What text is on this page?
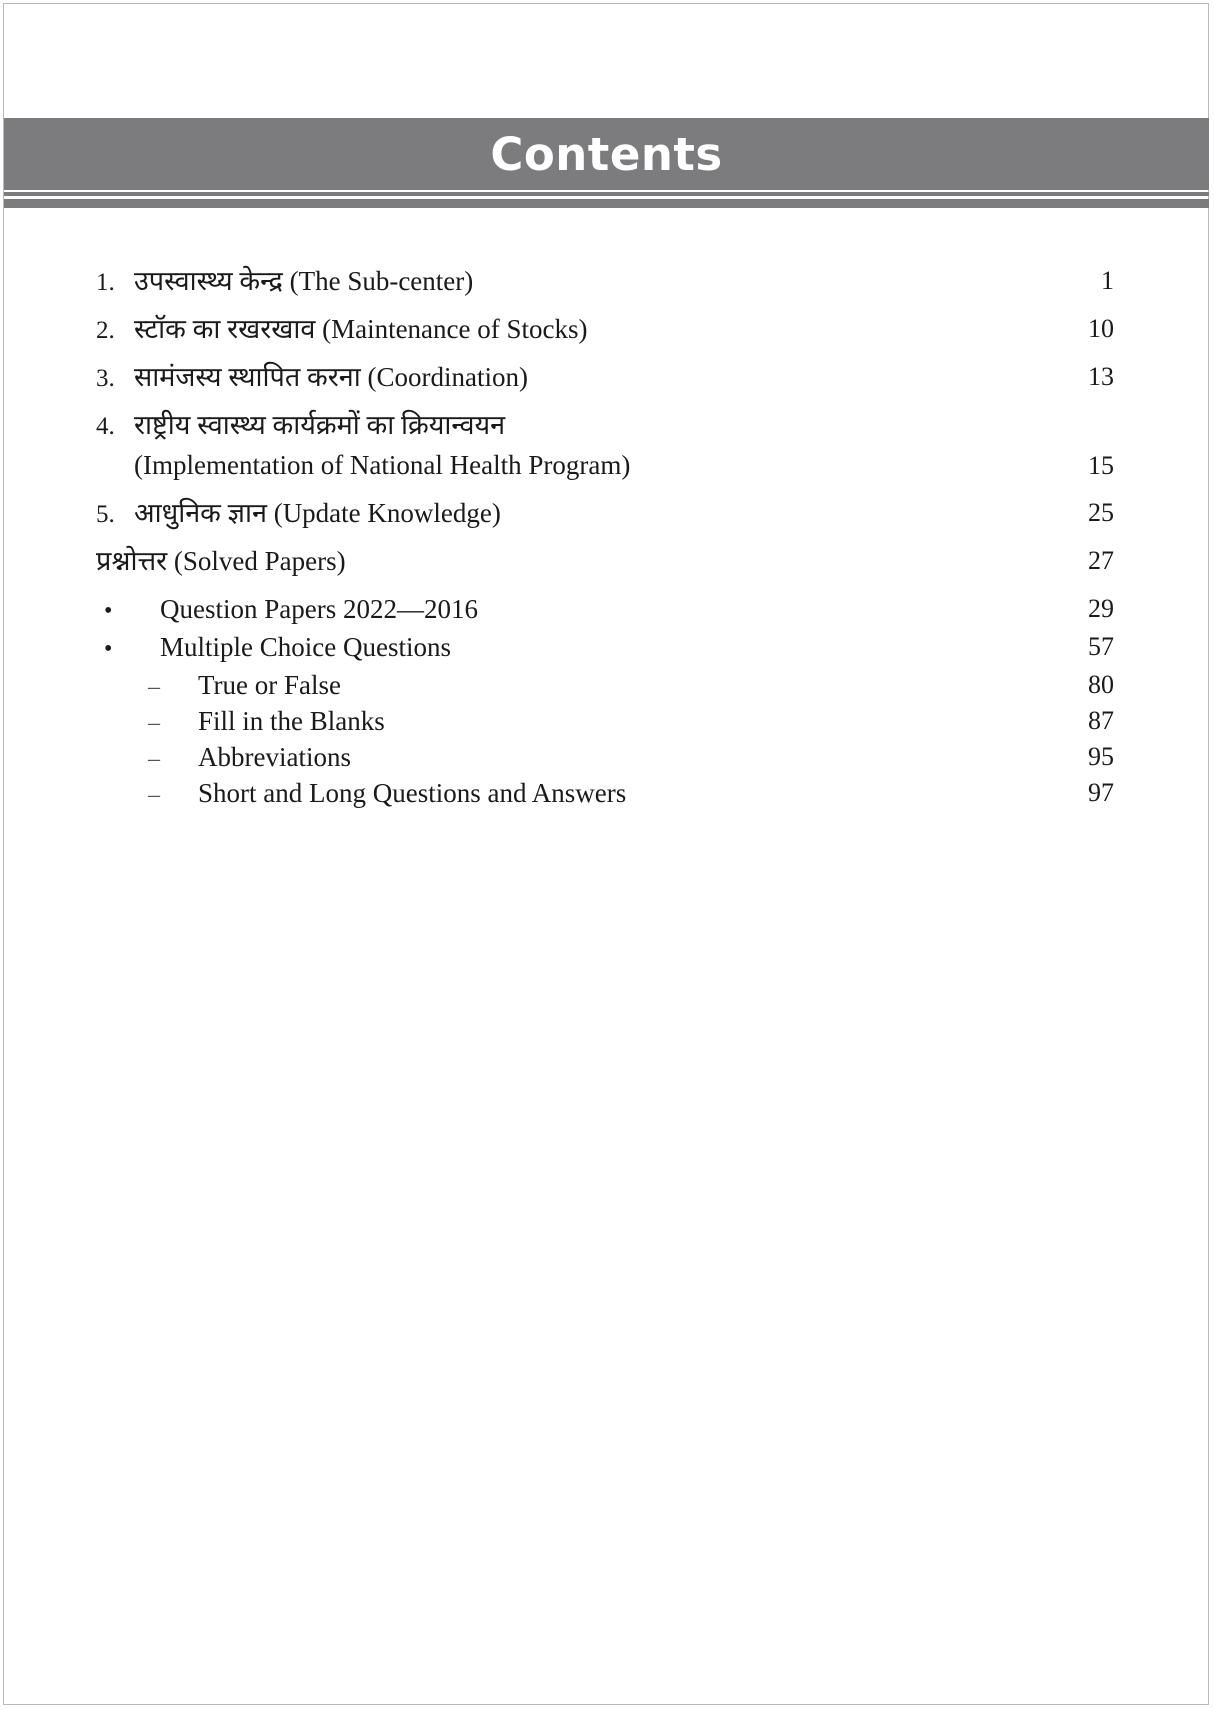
Contents
1. उपस्वास्थ्य केन्द्र (The Sub-center)	1
2. स्टॉक का रखरखाव (Maintenance of Stocks)	10
3. सामंजस्य स्थापित करना (Coordination)	13
4. राष्ट्रीय स्वास्थ्य कार्यक्रमों का क्रियान्वयन
(Implementation of National Health Program)	15
5. आधुनिक ज्ञान (Update Knowledge)	25
प्रश्नोत्तर (Solved Papers)	27
•	Question Papers 2022—2016	29
•	Multiple Choice Questions	57
–	True or False	80
–	Fill in the Blanks	87
–	Abbreviations	95
–	Short and Long Questions and Answers	97
